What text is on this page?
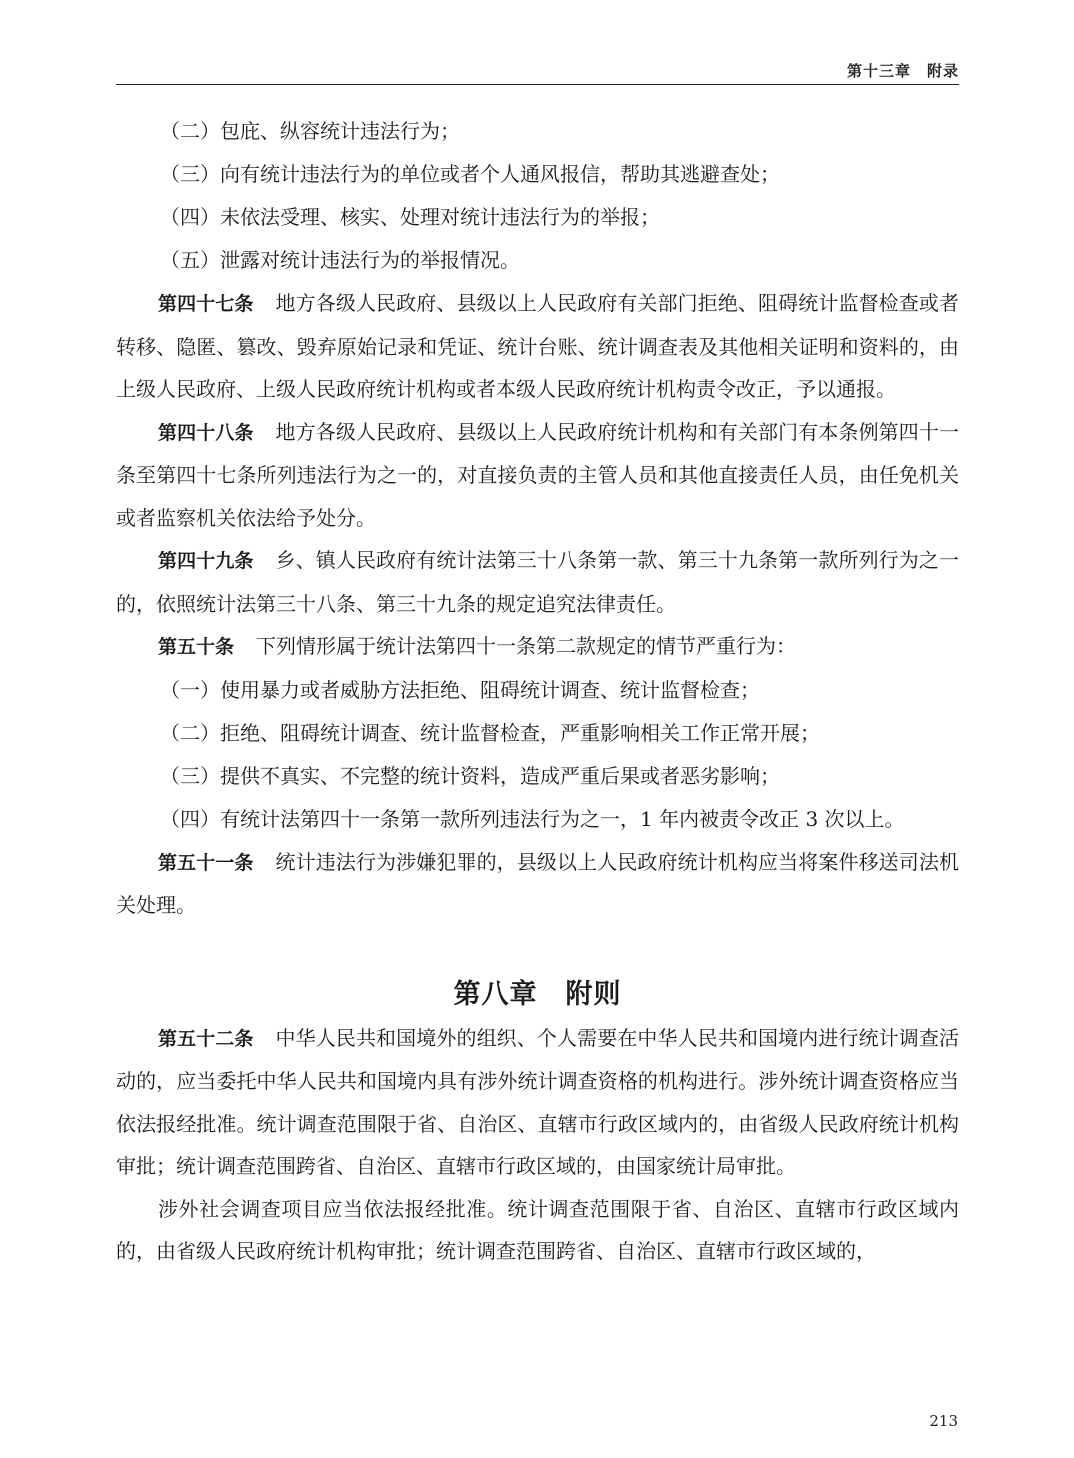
第十三章　附录

（二）包庇、纵容统计违法行为；

（三）向有统计违法行为的单位或者个人通风报信，帮助其逃避查处；

（四）未依法受理、核实、处理对统计违法行为的举报；

（五）泄露对统计违法行为的举报情况。

第四十七条 地方各级人民政府、县级以上人民政府有关部门拒绝、阻碍统计监督检查或者转移、隐匿、篡改、毁弃原始记录和凭证、统计台账、统计调查表及其他相关证明和资料的，由上级人民政府、上级人民政府统计机构或者本级人民政府统计机构责令改正，予以通报。

第四十八条 地方各级人民政府、县级以上人民政府统计机构和有关部门有本条例第四十一条至第四十七条所列违法行为之一的，对直接负责的主管人员和其他直接责任人员，由任免机关或者监察机关依法给予处分。

第四十九条 乡、镇人民政府有统计法第三十八条第一款、第三十九条第一款所列行为之一的，依照统计法第三十八条、第三十九条的规定追究法律责任。

第五十条 下列情形属于统计法第四十一条第二款规定的情节严重行为：

（一）使用暴力或者威胁方法拒绝、阻碍统计调查、统计监督检查；

（二）拒绝、阻碍统计调查、统计监督检查，严重影响相关工作正常开展；

（三）提供不真实、不完整的统计资料，造成严重后果或者恶劣影响；

（四）有统计法第四十一条第一款所列违法行为之一，1 年内被责令改正 3 次以上。

第五十一条 统计违法行为涉嫌犯罪的，县级以上人民政府统计机构应当将案件移送司法机关处理。

第八章　附则

第五十二条 中华人民共和国境外的组织、个人需要在中华人民共和国境内进行统计调查活动的，应当委托中华人民共和国境内具有涉外统计调查资格的机构进行。涉外统计调查资格应当依法报经批准。统计调查范围限于省、自治区、直辖市行政区域内的，由省级人民政府统计机构审批；统计调查范围跨省、自治区、直辖市行政区域的，由国家统计局审批。

涉外社会调查项目应当依法报经批准。统计调查范围限于省、自治区、直辖市行政区域内的，由省级人民政府统计机构审批；统计调查范围跨省、自治区、直辖市行政区域的，

213
